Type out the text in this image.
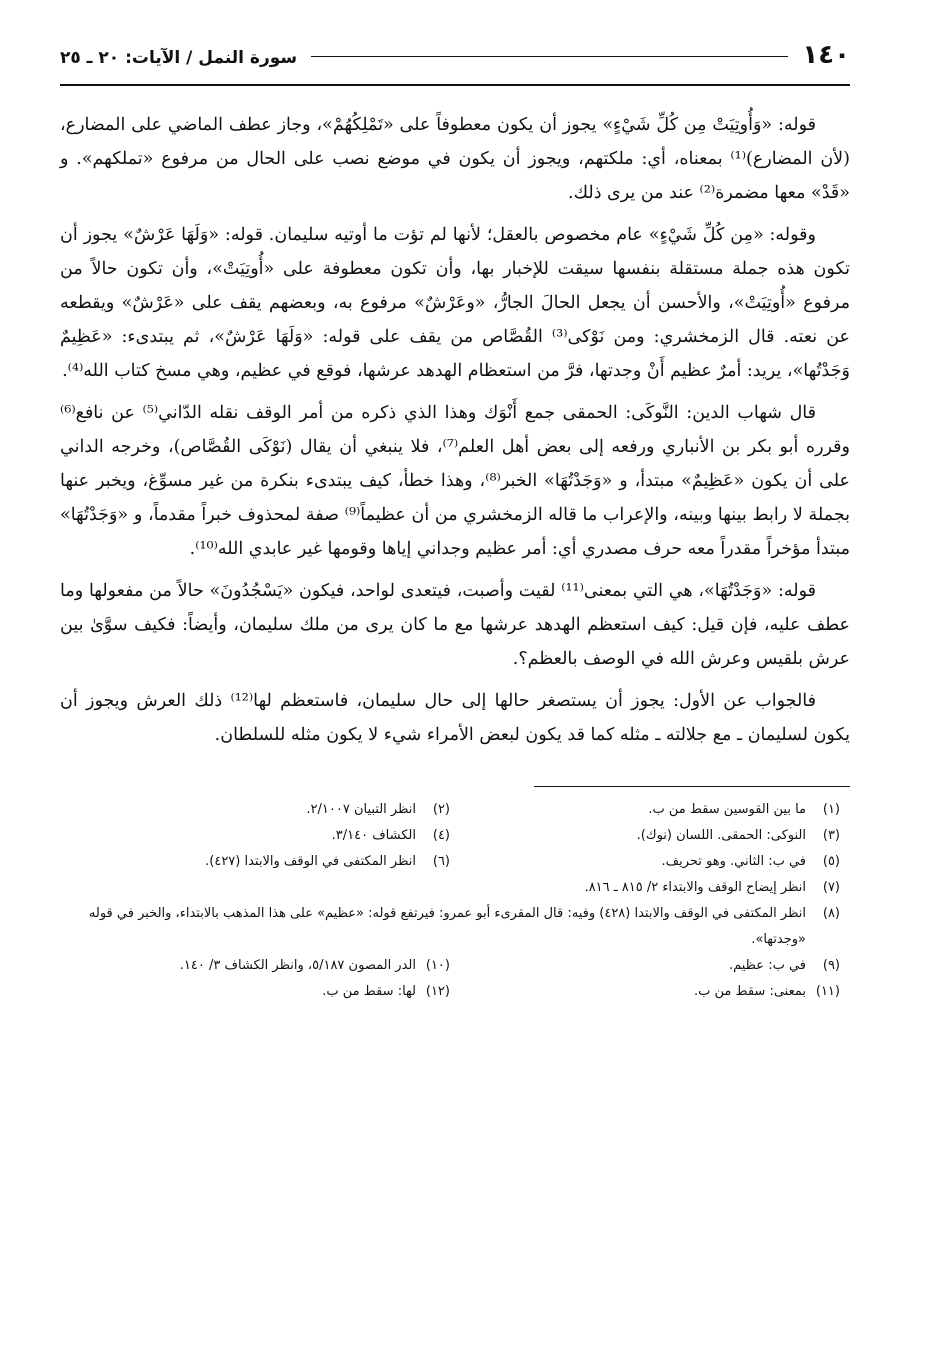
١٤٠
سورة النمل / الآيات: ٢٠ ـ ٢٥

قوله: «وَأُوتِيَتْ مِن كُلِّ شَيْءٍ» يجوز أن يكون معطوفاً على «تَمْلِكُهُمْ»، وجاز عطف الماضي على المضارع، (لأن المضارع)⁽¹⁾ بمعناه، أي: ملكتهم، ويجوز أن يكون في موضع نصب على الحال من مرفوع «تملكهم». و «قَدْ» معها مضمرة⁽²⁾ عند من يرى ذلك.

وقوله: «مِن كُلِّ شَيْءٍ» عام مخصوص بالعقل؛ لأنها لم تؤت ما أوتيه سليمان. قوله: «وَلَهَا عَرْشٌ» يجوز أن تكون هذه جملة مستقلة بنفسها سيقت للإخبار بها، وأن تكون معطوفة على «أُوتِيَتْ»، وأن تكون حالاً من مرفوع «أُوتِيَتْ»، والأحسن أن يجعل الحالَ الجارُّ، «وعَرْشٌ» مرفوع به، وبعضهم يقف على «عَرْشٌ» ويقطعه عن نعته. قال الزمخشري: ومن نَوْكى⁽³⁾ القُصَّاص من يقف على قوله: «وَلَهَا عَرْشٌ»، ثم يبتدىء: «عَظِيمٌ وَجَدْتُها»، يريد: أمرٌ عظيم أَنْ وجدتها، فرَّ من استعظام الهدهد عرشها، فوقع في عظيم، وهي مسخ كتاب الله⁽⁴⁾.

قال شهاب الدين: النَّوكَى: الحمقى جمع أَنْوَك وهذا الذي ذكره من أمر الوقف نقله الدّاني⁽⁵⁾ عن نافع⁽⁶⁾ وقرره أبو بكر بن الأنباري ورفعه إلى بعض أهل العلم⁽⁷⁾، فلا ينبغي أن يقال (نَوْكَى القُصَّاص)، وخرجه الداني على أن يكون «عَظِيمٌ» مبتدأ، و «وَجَدْتُهَا» الخبر⁽⁸⁾، وهذا خطأ، كيف يبتدىء بنكرة من غير مسوِّغ، ويخبر عنها بجملة لا رابط بينها وبينه، والإعراب ما قاله الزمخشري من أن عظيماً⁽⁹⁾ صفة لمحذوف خبراً مقدماً، و «وَجَدْتُهَا» مبتدأ مؤخراً مقدراً معه حرف مصدري أي: أمر عظيم وجداني إياها وقومها غير عابدي الله⁽¹⁰⁾.

قوله: «وَجَدْتُهَا»، هي التي بمعنى⁽¹¹⁾ لقيت وأصبت، فيتعدى لواحد، فيكون «يَسْجُدُونَ» حالاً من مفعولها وما عطف عليه، فإن قيل: كيف استعظم الهدهد عرشها مع ما كان يرى من ملك سليمان، وأيضاً: فكيف سوَّىٰ بين عرش بلقيس وعرش الله في الوصف بالعظم؟.

فالجواب عن الأول: يجوز أن يستصغر حالها إلى حال سليمان، فاستعظم لها⁽¹²⁾ ذلك العرش ويجوز أن يكون لسليمان ـ مع جلالته ـ مثله كما قد يكون لبعض الأمراء شيء لا يكون مثله للسلطان.

(١)
ما بين القوسين سقط من ب.
(٢)
انظر التبيان ٢/١٠٠٧.
(٣)
النوكى: الحمقى. اللسان (نوك).
(٤)
الكشاف ٣/١٤٠.
(٥)
في ب: الثاني. وهو تحريف.
(٦)
انظر المكتفى في الوقف والابتدا (٤٢٧).
(٧)
انظر إيضاح الوقف والابتداء ٢/ ٨١٥ ـ ٨١٦.
(٨)
انظر المكتفى في الوقف والابتدا (٤٢٨) وفيه: قال المقرىء أبو عمرو: فيرتفع قوله: «عظيم» على هذا المذهب بالابتداء، والخبر في قوله «وجدتها».
(٩)
في ب: عظيم.
(١٠)
الدر المصون ٥/١٨٧، وانظر الكشاف ٣/ ١٤٠.
(١١)
بمعنى: سقط من ب.
(١٢)
لها: سقط من ب.
